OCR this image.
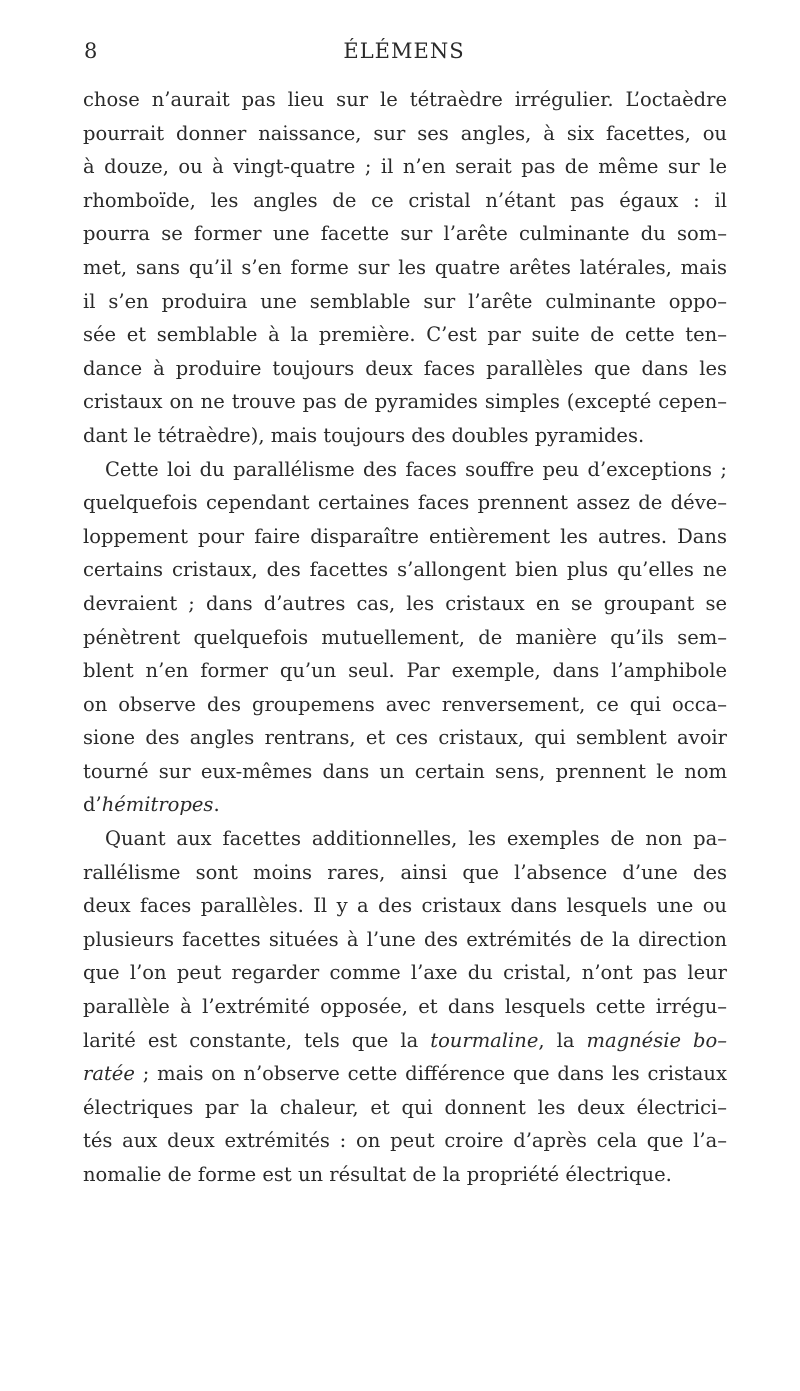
8	ÉLÉMENS
chose n’aurait pas lieu sur le tétraèdre irrégulier. L’octaèdre
pourrait donner naissance, sur ses angles, à six facettes, ou
à douze, ou à vingt-quatre ; il n’en serait pas de même sur le
rhomboïde, les angles de ce cristal n’étant pas égaux : il
pourra se former une facette sur l’arête culminante du som–
met, sans qu’il s’en forme sur les quatre arêtes latérales, mais
il s’en produira une semblable sur l’arête culminante oppo–
sée et semblable à la première. C’est par suite de cette ten–
dance à produire toujours deux faces parallèles que dans les
cristaux on ne trouve pas de pyramides simples (excepté cepen–
dant le tétraèdre), mais toujours des doubles pyramides.
Cette loi du parallélisme des faces souffre peu d’exceptions ;
quelquefois cependant certaines faces prennent assez de déve–
loppement pour faire disparaître entièrement les autres. Dans
certains cristaux, des facettes s’allongent bien plus qu’elles ne
devraient ; dans d’autres cas, les cristaux en se groupant se
pénètrent quelquefois mutuellement, de manière qu’ils sem–
blent n’en former qu’un seul. Par exemple, dans l’amphibole
on observe des groupemens avec renversement, ce qui occa–
sione des angles rentrans, et ces cristaux, qui semblent avoir
tourné sur eux-mêmes dans un certain sens, prennent le nom
d’hémitropes.
Quant aux facettes additionnelles, les exemples de non pa–
rallélisme sont moins rares, ainsi que l’absence d’une des
deux faces parallèles. Il y a des cristaux dans lesquels une ou
plusieurs facettes situées à l’une des extrémités de la direction
que l’on peut regarder comme l’axe du cristal, n’ont pas leur
parallèle à l’extrémité opposée, et dans lesquels cette irrégu–
larité est constante, tels que la tourmaline, la magnésie bo–
ratée ; mais on n’observe cette différence que dans les cristaux
électriques par la chaleur, et qui donnent les deux électrici–
tés aux deux extrémités : on peut croire d’après cela que l’a–
nomalie de forme est un résultat de la propriété électrique.
